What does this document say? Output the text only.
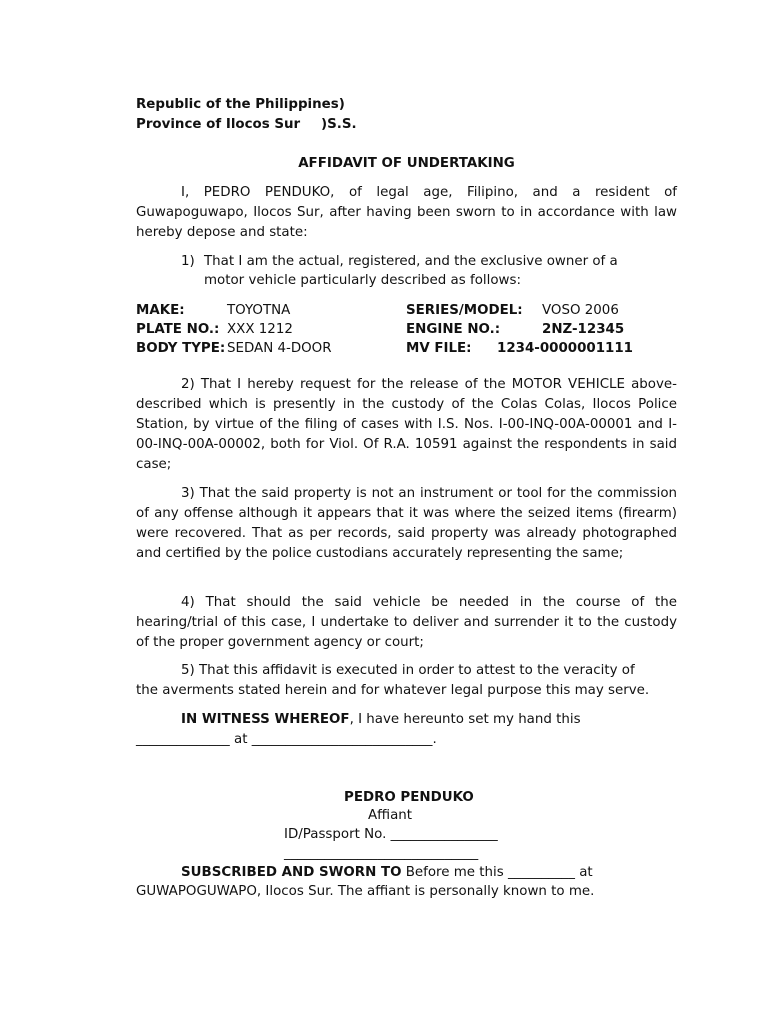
Republic of the Philippines)
Province of Ilocos Sur )S.S.
AFFIDAVIT OF UNDERTAKING
I, PEDRO PENDUKO, of legal age, Filipino, and a resident of Guwapoguwapo, Ilocos Sur, after having been sworn to in accordance with law hereby depose and state:
1) That I am the actual, registered, and the exclusive owner of a
motor vehicle particularly described as follows:
MAKE:	TOYOTNA	SERIES/MODEL: VOSO 2006
PLATE NO.: XXX 1212	ENGINE NO.:	2NZ-12345
BODY TYPE: SEDAN 4-DOOR	MV FILE: 1234-0000001111
2) That I hereby request for the release of the MOTOR VEHICLE above-described which is presently in the custody of the Colas Colas, Ilocos Police Station, by virtue of the filing of cases with I.S. Nos. I-00-INQ-00A-00001 and I-00-INQ-00A-00002, both for Viol. Of R.A. 10591 against the respondents in said case;
3) That the said property is not an instrument or tool for the commission of any offense although it appears that it was where the seized items (firearm) were recovered. That as per records, said property was already photographed and certified by the police custodians accurately representing the same;
4) That should the said vehicle be needed in the course of the hearing/trial of this case, I undertake to deliver and surrender it to the custody of the proper government agency or court;
5) That this affidavit is executed in order to attest to the veracity of
the averments stated herein and for whatever legal purpose this may serve.
IN WITNESS WHEREOF, I have hereunto set my hand this
______________ at ___________________________.
PEDRO PENDUKO
Affiant
ID/Passport No. ________________
_____________________________
SUBSCRIBED AND SWORN TO Before me this __________ at
GUWAPOGUWAPO, Ilocos Sur. The affiant is personally known to me.
